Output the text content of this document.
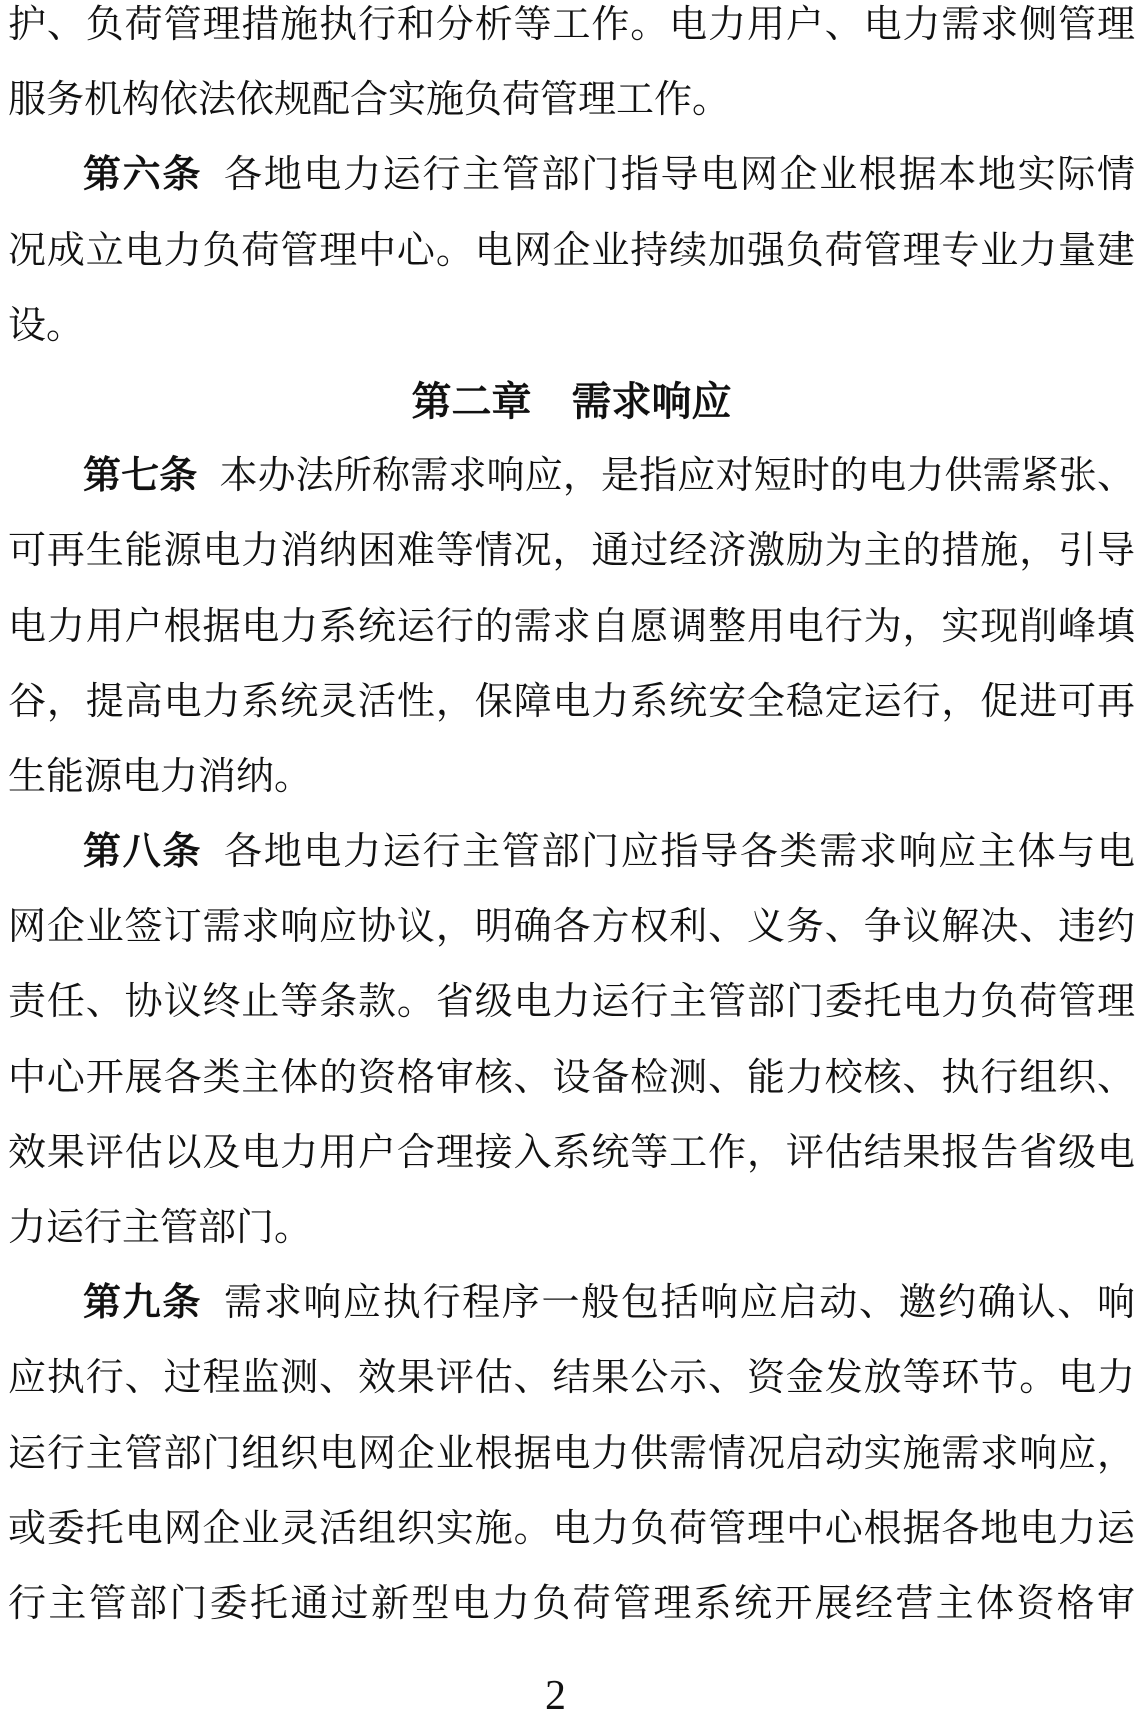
护、负荷管理措施执行和分析等工作。电力用户、电力需求侧管理
服务机构依法依规配合实施负荷管理工作。
第六条 各地电力运行主管部门指导电网企业根据本地实际情
况成立电力负荷管理中心。电网企业持续加强负荷管理专业力量建
设。
第二章　需求响应
第七条 本办法所称需求响应，是指应对短时的电力供需紧张、
可再生能源电力消纳困难等情况，通过经济激励为主的措施，引导
电力用户根据电力系统运行的需求自愿调整用电行为，实现削峰填
谷，提高电力系统灵活性，保障电力系统安全稳定运行，促进可再
生能源电力消纳。
第八条 各地电力运行主管部门应指导各类需求响应主体与电
网企业签订需求响应协议，明确各方权利、义务、争议解决、违约
责任、协议终止等条款。省级电力运行主管部门委托电力负荷管理
中心开展各类主体的资格审核、设备检测、能力校核、执行组织、
效果评估以及电力用户合理接入系统等工作，评估结果报告省级电
力运行主管部门。
第九条 需求响应执行程序一般包括响应启动、邀约确认、响
应执行、过程监测、效果评估、结果公示、资金发放等环节。电力
运行主管部门组织电网企业根据电力供需情况启动实施需求响应，
或委托电网企业灵活组织实施。电力负荷管理中心根据各地电力运
行主管部门委托通过新型电力负荷管理系统开展经营主体资格审
2
